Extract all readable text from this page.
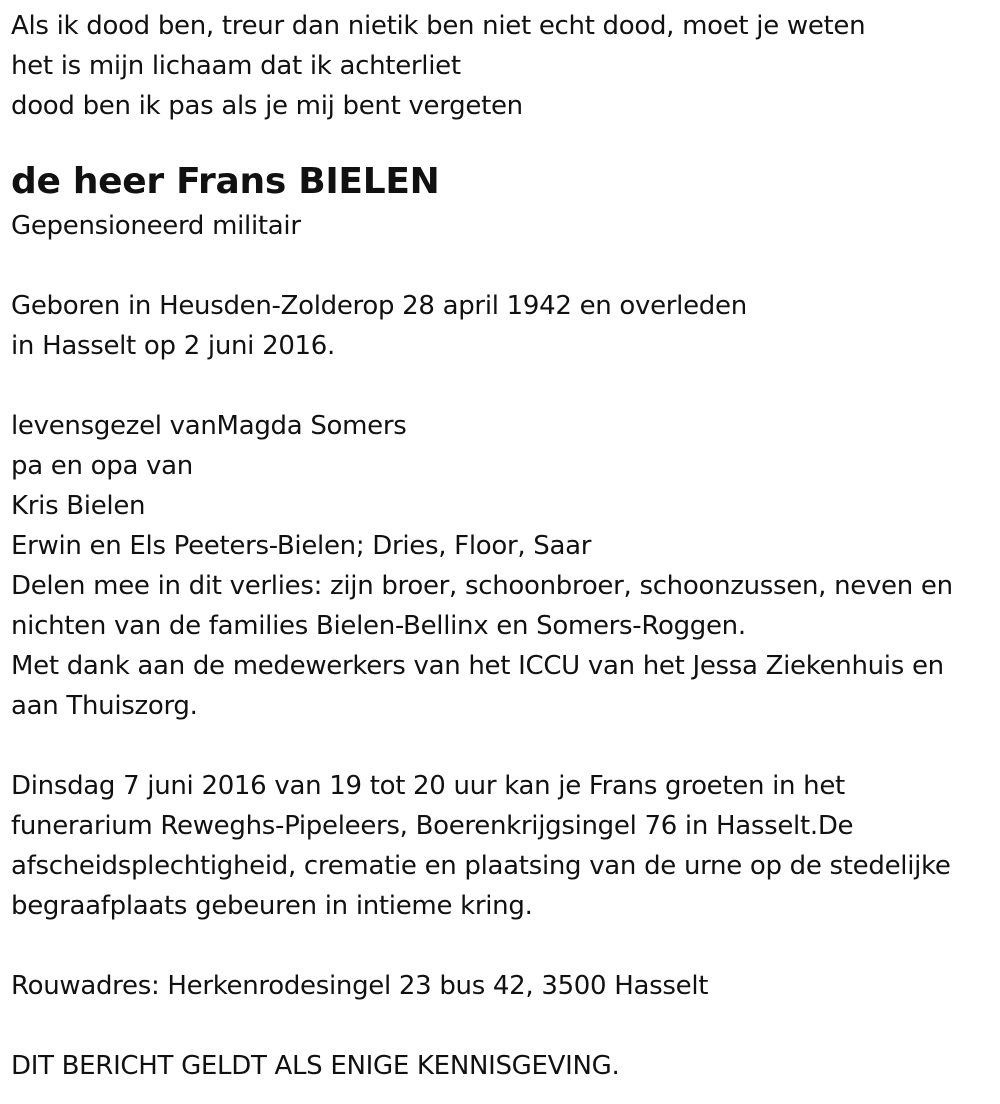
Als ik dood ben, treur dan nietik ben niet echt dood, moet je weten
het is mijn lichaam dat ik achterliet
dood ben ik pas als je mij bent vergeten
de heer Frans BIELEN
Gepensioneerd militair
Geboren in Heusden-Zolderop 28 april 1942 en overleden
in Hasselt op 2 juni 2016.
levensgezel vanMagda Somers
pa en opa van
Kris Bielen
Erwin en Els Peeters-Bielen; Dries, Floor, Saar
Delen mee in dit verlies: zijn broer, schoonbroer, schoonzussen, neven en
nichten van de families Bielen-Bellinx en Somers-Roggen.
Met dank aan de medewerkers van het ICCU van het Jessa Ziekenhuis en
aan Thuiszorg.
Dinsdag 7 juni 2016 van 19 tot 20 uur kan je Frans groeten in het
funerarium Reweghs-Pipeleers, Boerenkrijgsingel 76 in Hasselt.De
afscheidsplechtigheid, crematie en plaatsing van de urne op de stedelijke
begraafplaats gebeuren in intieme kring.
Rouwadres: Herkenrodesingel 23 bus 42, 3500 Hasselt
DIT BERICHT GELDT ALS ENIGE KENNISGEVING.
